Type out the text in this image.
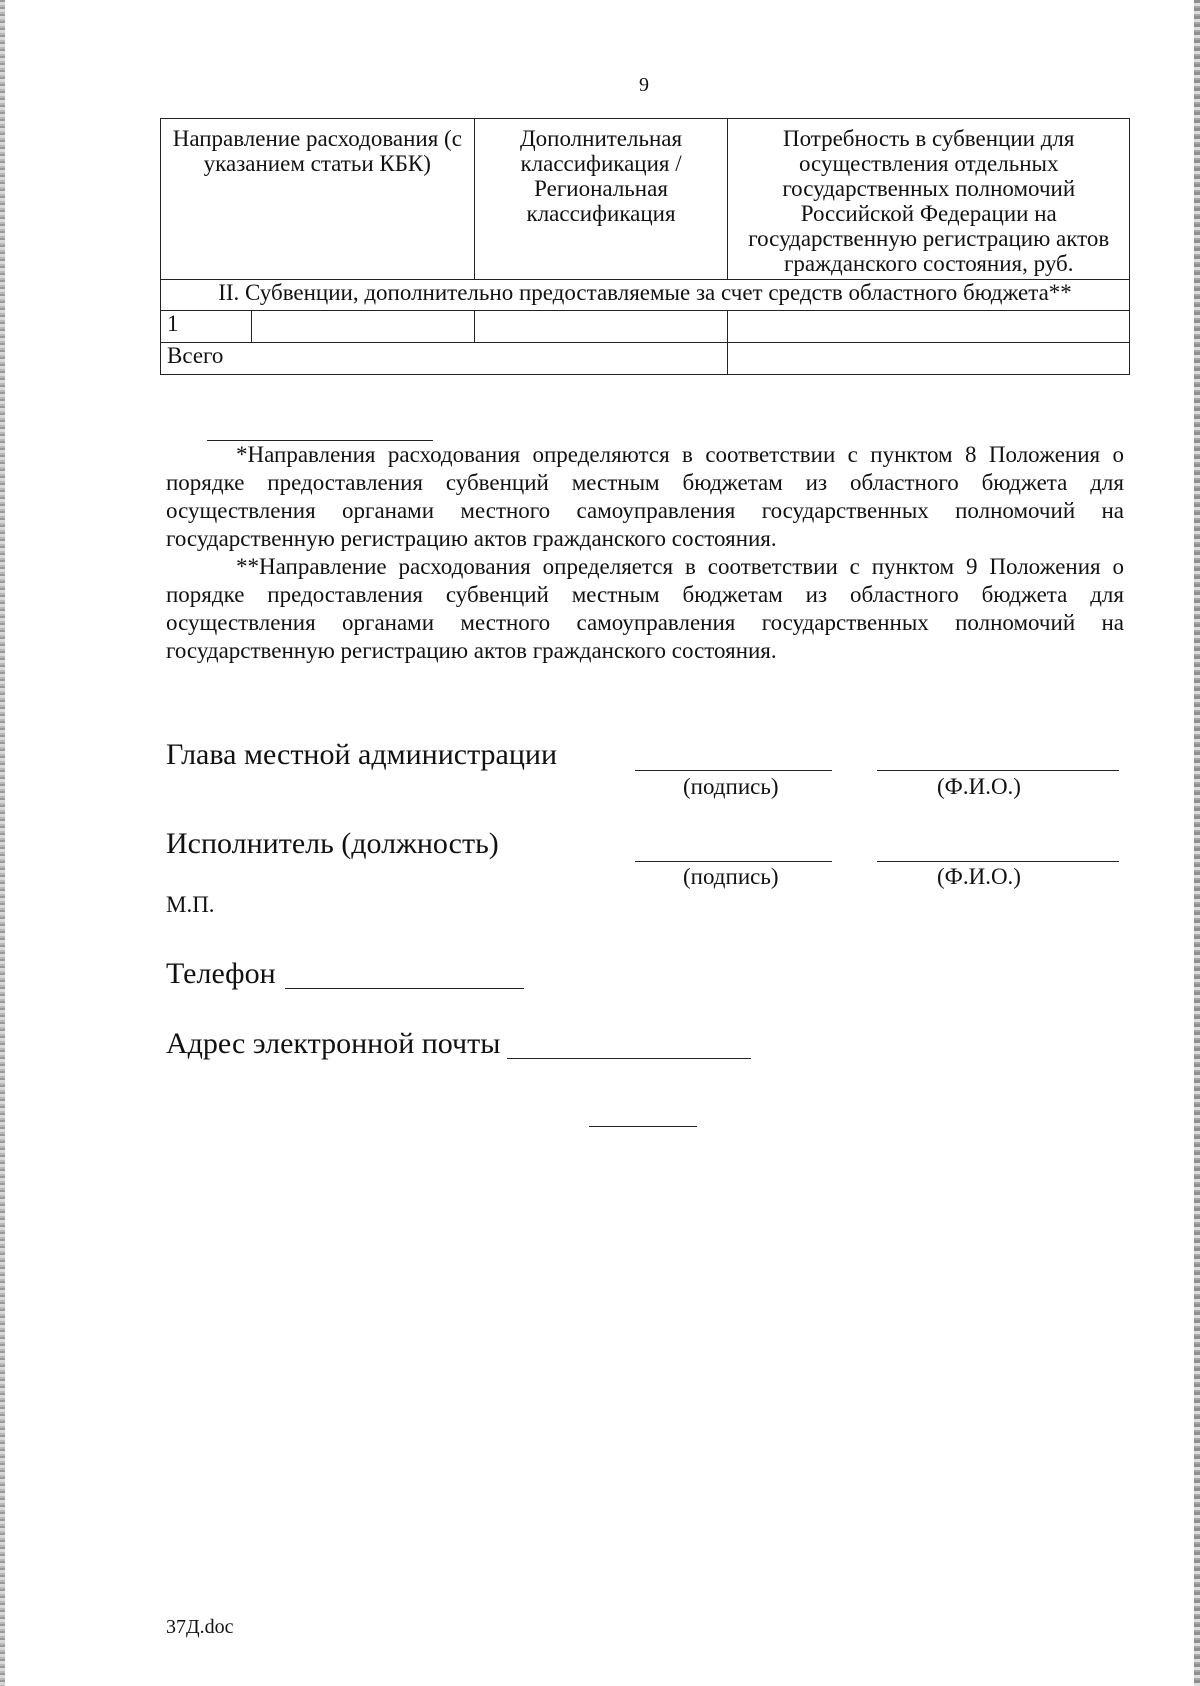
9
Направление расходования (с указанием статьи КБК)		Дополнительная классификация / Региональная классификация	Потребность в субвенции для осуществления отдельных государственных полномочий Российской Федерации на государственную регистрацию актов гражданского состояния, руб.
II. Субвенции, дополнительно предоставляемые за счет средств областного бюджета**			
1			
Всего			

*Направления расходования определяются в соответствии с пунктом 8 Положения о порядке предоставления субвенций местным бюджетам из областного бюджета для осуществления органами местного самоуправления государственных полномочий на государственную регистрацию актов гражданского состояния.

**Направление расходования определяется в соответствии с пунктом 9 Положения о порядке предоставления субвенций местным бюджетам из областного бюджета для осуществления органами местного самоуправления государственных полномочий на государственную регистрацию актов гражданского состояния.

Глава местной администрации
(подпись)	(Ф.И.О.)
Исполнитель (должность)
(подпись)	(Ф.И.О.)
М.П.
Телефон
Адрес электронной почты
37Д.doc
